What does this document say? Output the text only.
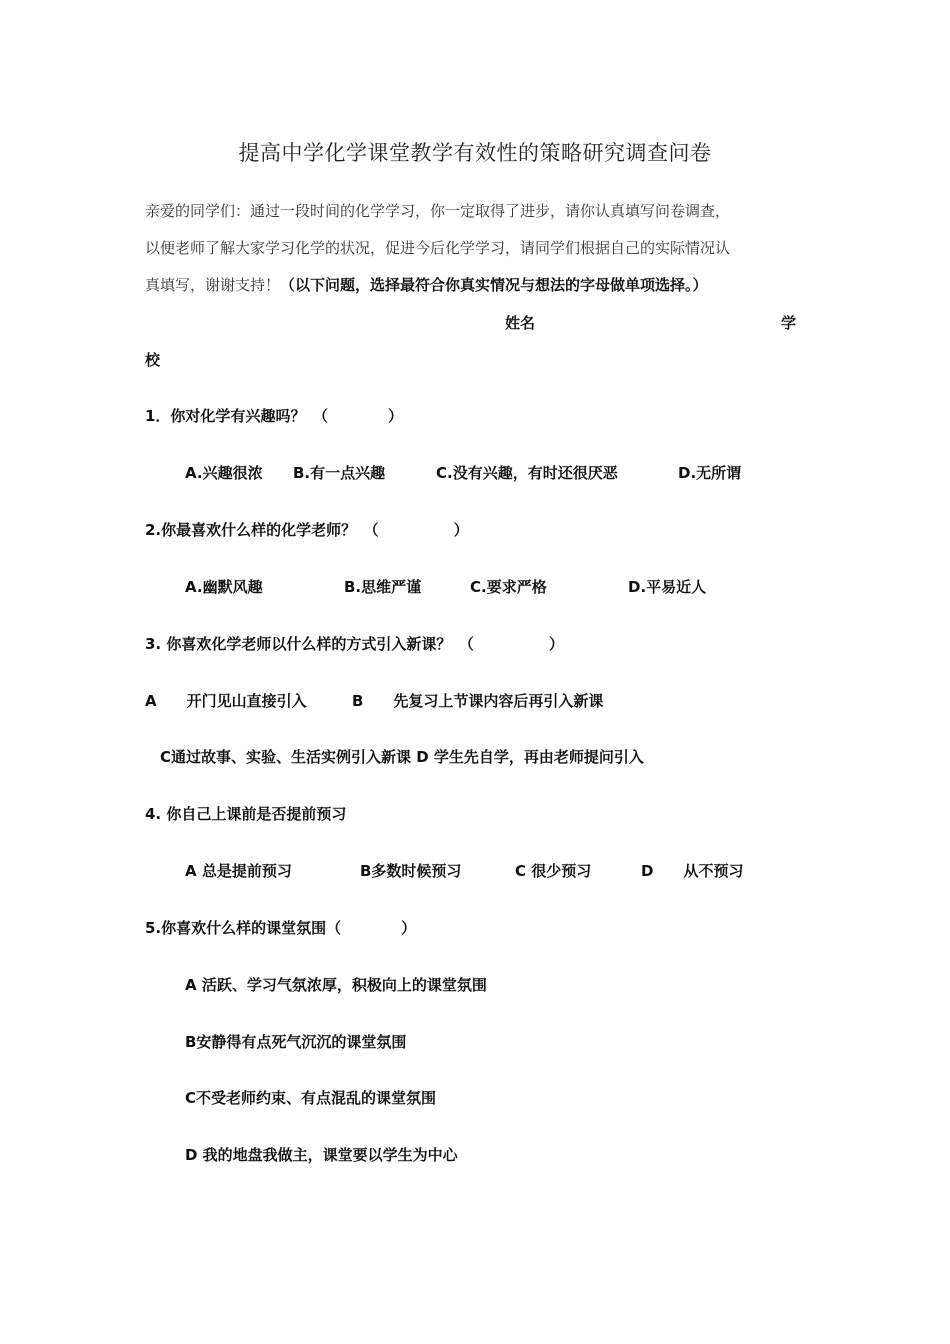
提高中学化学课堂教学有效性的策略研究调查问卷
亲爱的同学们：通过一段时间的化学学习，你一定取得了进步，请你认真填写问卷调查，
以便老师了解大家学习化学的状况，促进今后化学学习，请同学们根据自己的实际情况认
真填写，谢谢支持！（以下问题，选择最符合你真实情况与想法的字母做单项选择。）
姓名	学
校
1．你对化学有兴趣吗？　（　　　　）
A.兴趣很浓 B.有一点兴趣	C.没有兴趣，有时还很厌恶	D.无所谓
2.你最喜欢什么样的化学老师？　（　　　　　）
A.幽默风趣	B.思维严谨	C.要求严格	D.平易近人
3. 你喜欢化学老师以什么样的方式引入新课？　（　　　　　）
A　　开门见山直接引入	B　　先复习上节课内容后再引入新课
C通过故事、实验、生活实例引入新课 D 学生先自学，再由老师提问引入
4. 你自己上课前是否提前预习
A 总是提前预习	B多数时候预习	C 很少预习	D　　从不预习
5.你喜欢什么样的课堂氛围（　　　　）
A 活跃、学习气氛浓厚，积极向上的课堂氛围
B安静得有点死气沉沉的课堂氛围
C不受老师约束、有点混乱的课堂氛围
D 我的地盘我做主，课堂要以学生为中心
